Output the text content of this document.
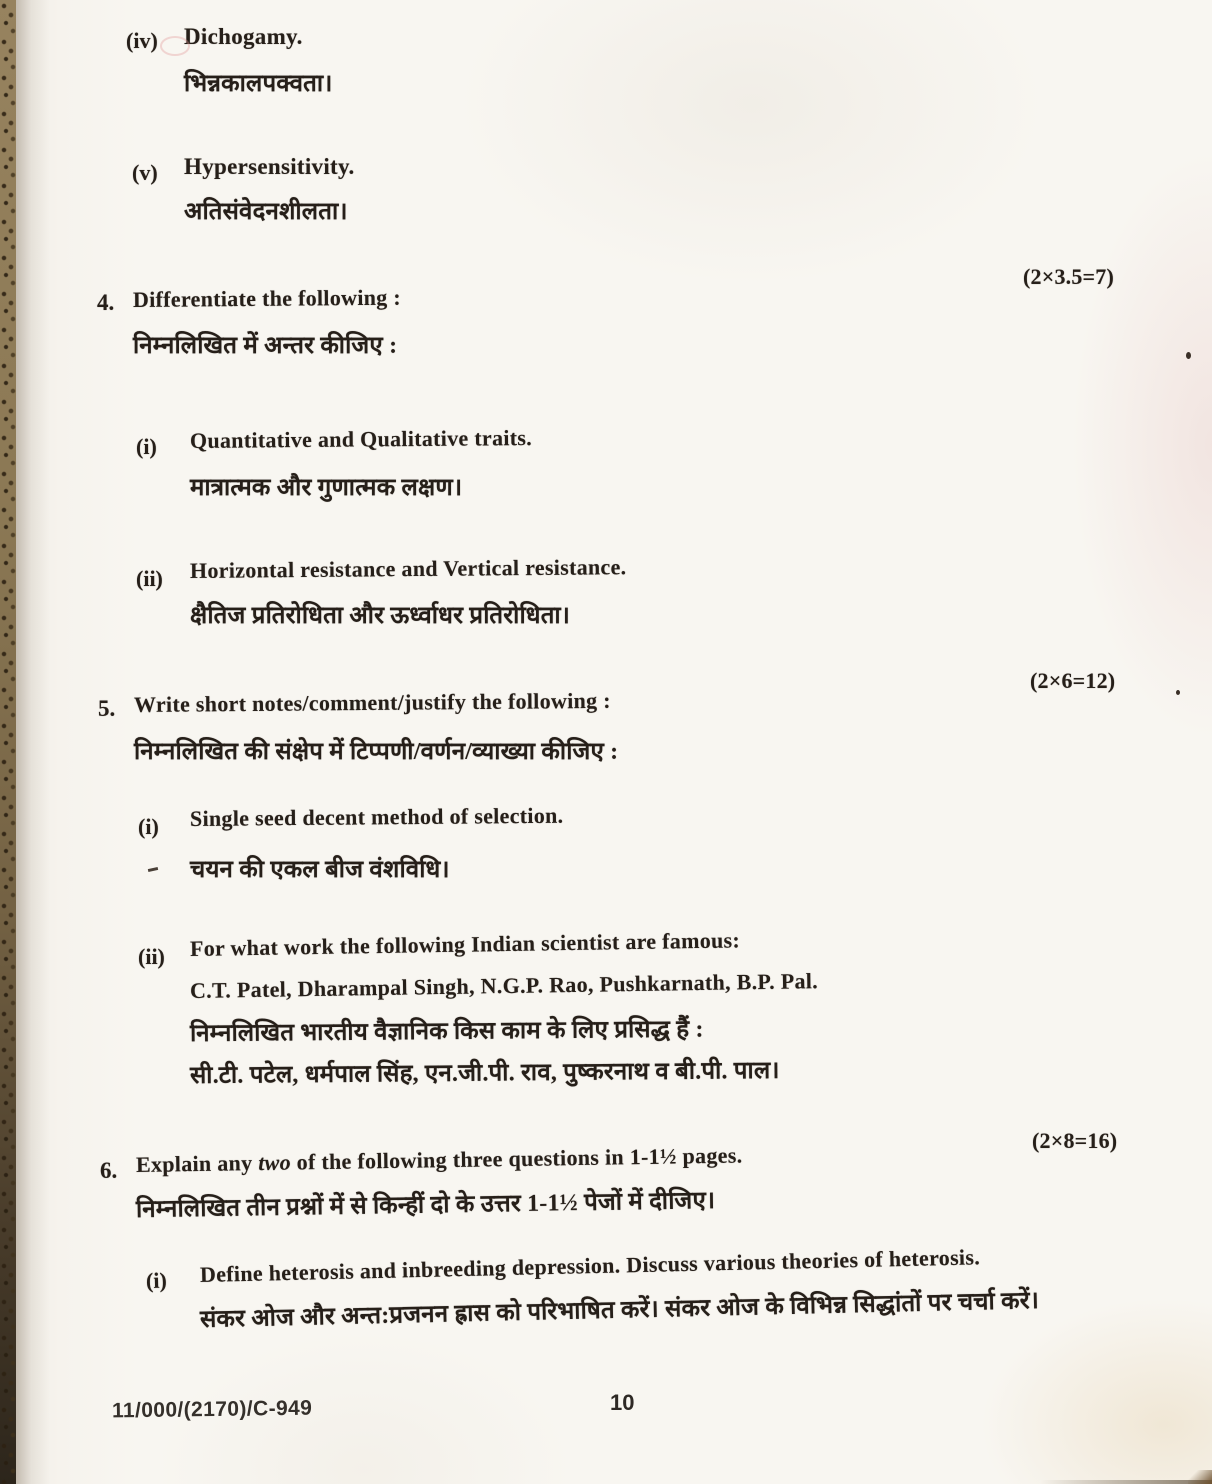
(iv) Dichogamy.
भिन्नकालपक्वता।
(v) Hypersensitivity.
अतिसंवेदनशीलता।
(2×3.5=7)
4. Differentiate the following :
निम्नलिखित में अन्तर कीजिए :
(i) Quantitative and Qualitative traits.
मात्रात्मक और गुणात्मक लक्षण।
(ii) Horizontal resistance and Vertical resistance.
क्षैतिज प्रतिरोधिता और ऊर्ध्वाधर प्रतिरोधिता।
(2×6=12)
5. Write short notes/comment/justify the following :
निम्नलिखित की संक्षेप में टिप्पणी/वर्णन/व्याख्या कीजिए :
(i) Single seed decent method of selection.
चयन की एकल बीज वंशविधि।
(ii) For what work the following Indian scientist are famous:
C.T. Patel, Dharampal Singh, N.G.P. Rao, Pushkarnath, B.P. Pal.
निम्नलिखित भारतीय वैज्ञानिक किस काम के लिए प्रसिद्ध हैं :
सी.टी. पटेल, धर्मपाल सिंह, एन.जी.पी. राव, पुष्करनाथ व बी.पी. पाल।
(2×8=16)
6. Explain any two of the following three questions in 1-1½ pages.
निम्नलिखित तीन प्रश्नों में से किन्हीं दो के उत्तर 1-1½ पेजों में दीजिए।
(i) Define heterosis and inbreeding depression. Discuss various theories of heterosis.
संकर ओज और अन्त:प्रजनन ह्रास को परिभाषित करें। संकर ओज के विभिन्न सिद्धांतों पर चर्चा करें।
11/000/(2170)/C-949	10
